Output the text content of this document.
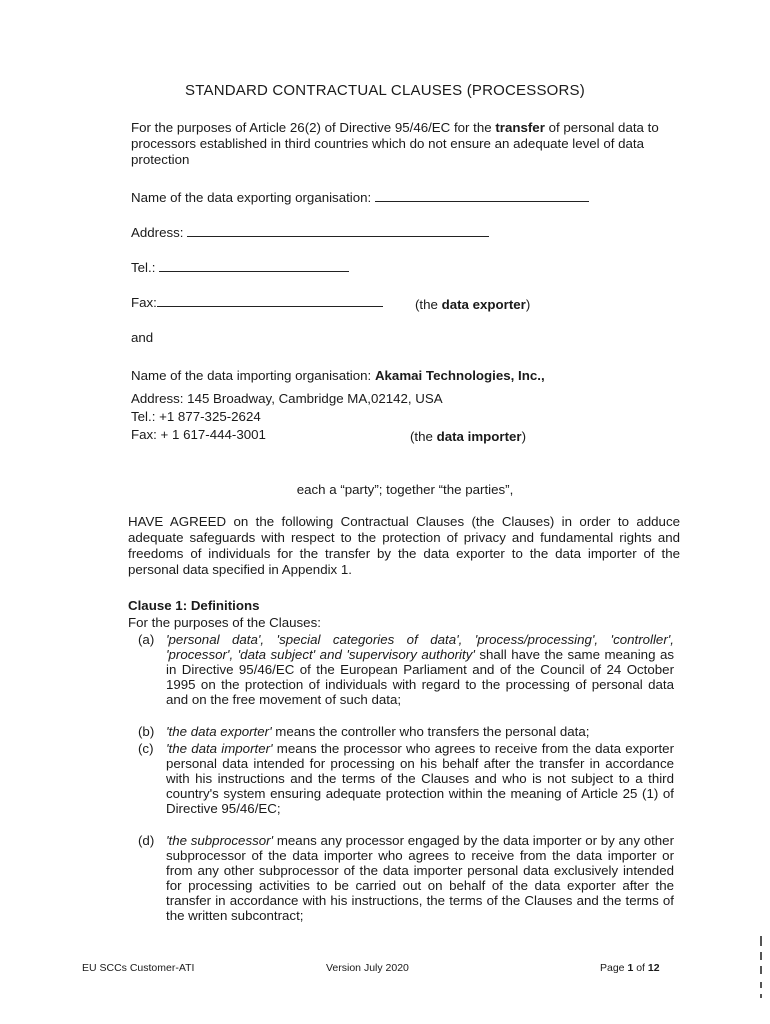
STANDARD CONTRACTUAL CLAUSES (PROCESSORS)
For the purposes of Article 26(2) of Directive 95/46/EC for the transfer of personal data to processors established in third countries which do not ensure an adequate level of data protection
Name of the data exporting organisation:
Address:
Tel.:
Fax:	(the data exporter)
and
Name of the data importing organisation: Akamai Technologies, Inc.,
Address: 145 Broadway, Cambridge MA,02142, USA
Tel.: +1 877-325-2624
Fax: + 1 617-444-3001	(the data importer)
each a “party”; together “the parties”,
HAVE AGREED on the following Contractual Clauses (the Clauses) in order to adduce adequate safeguards with respect to the protection of privacy and fundamental rights and freedoms of individuals for the transfer by the data exporter to the data importer of the personal data specified in Appendix 1.
Clause 1: Definitions
For the purposes of the Clauses:
(a) 'personal data', 'special categories of data', 'process/processing', 'controller', 'processor', 'data subject' and 'supervisory authority' shall have the same meaning as in Directive 95/46/EC of the European Parliament and of the Council of 24 October 1995 on the protection of individuals with regard to the processing of personal data and on the free movement of such data;
(b) 'the data exporter' means the controller who transfers the personal data;
(c) 'the data importer' means the processor who agrees to receive from the data exporter personal data intended for processing on his behalf after the transfer in accordance with his instructions and the terms of the Clauses and who is not subject to a third country's system ensuring adequate protection within the meaning of Article 25 (1) of Directive 95/46/EC;
(d) 'the subprocessor' means any processor engaged by the data importer or by any other subprocessor of the data importer who agrees to receive from the data importer or from any other subprocessor of the data importer personal data exclusively intended for processing activities to be carried out on behalf of the data exporter after the transfer in accordance with his instructions, the terms of the Clauses and the terms of the written subcontract;
EU SCCs Customer-ATI	Version July 2020	Page 1 of 12
